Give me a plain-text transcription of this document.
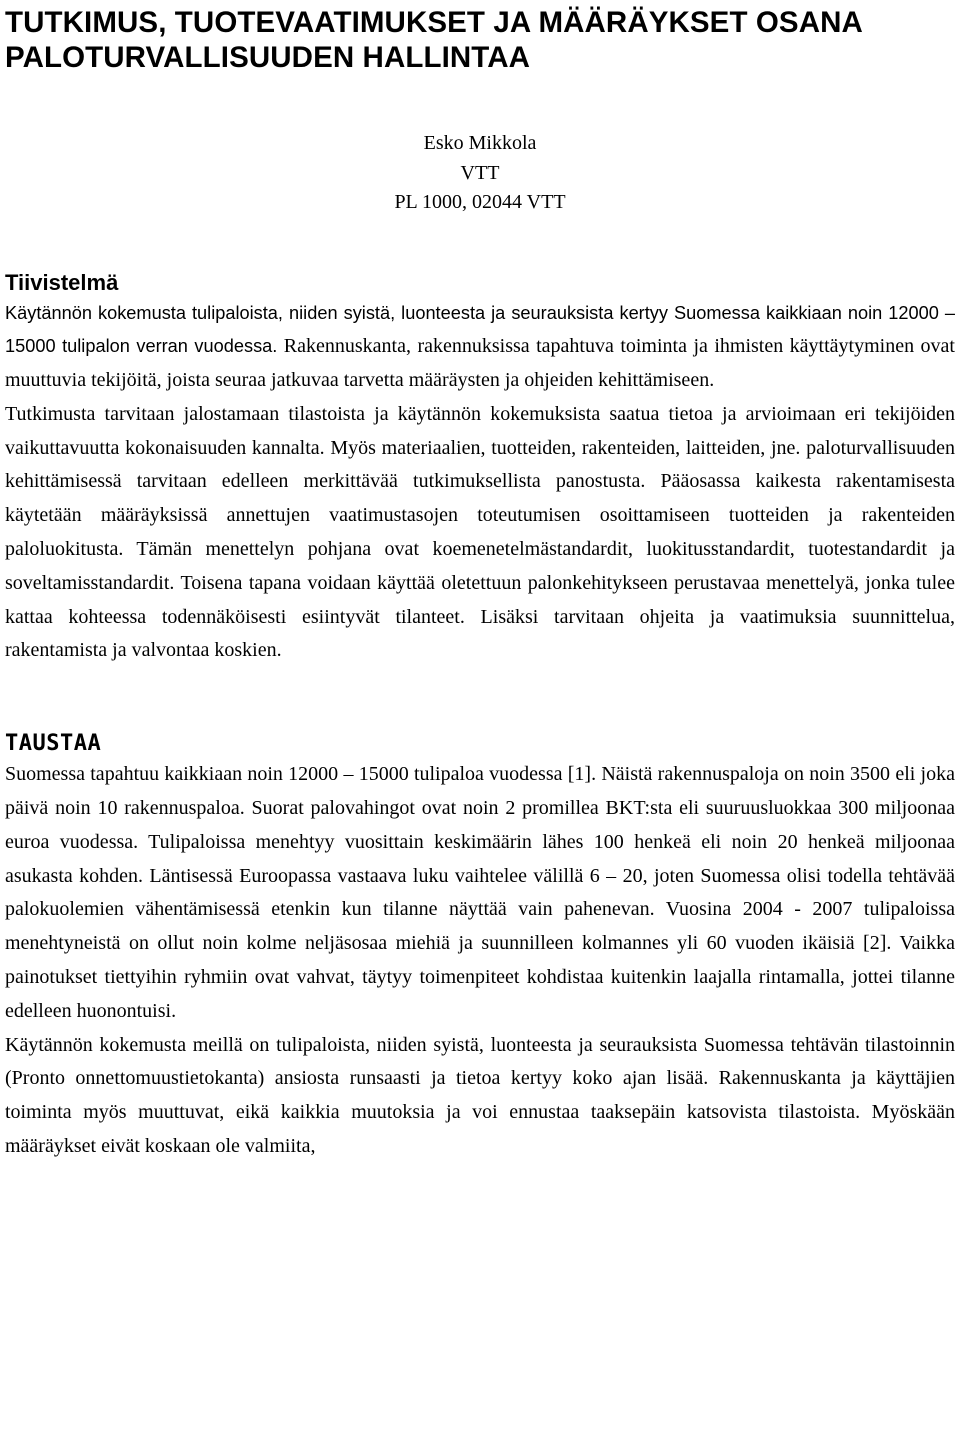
TUTKIMUS, TUOTEVAATIMUKSET JA MÄÄRÄYKSET OSANA PALOTURVALLISUUDEN HALLINTAA
Esko Mikkola
VTT
PL 1000, 02044 VTT
Tiivistelmä

Käytännön kokemusta tulipaloista, niiden syistä, luonteesta ja seurauksista kertyy Suomessa kaikkiaan noin 12000 – 15000 tulipalon verran vuodessa. Rakennuskanta, rakennuksissa tapahtuva toiminta ja ihmisten käyttäytyminen ovat muuttuvia tekijöitä, joista seuraa jatkuvaa tarvetta määräysten ja ohjeiden kehittämiseen.

Tutkimusta tarvitaan jalostamaan tilastoista ja käytännön kokemuksista saatua tietoa ja arvioimaan eri tekijöiden vaikuttavuutta kokonaisuuden kannalta. Myös materiaalien, tuotteiden, rakenteiden, laitteiden, jne. paloturvallisuuden kehittämisessä tarvitaan edelleen merkittävää tutkimuksellista panostusta. Pääosassa kaikesta rakentamisesta käytetään määräyksissä annettujen vaatimustasojen toteutumisen osoittamiseen tuotteiden ja rakenteiden paloluokitusta. Tämän menettelyn pohjana ovat koemenetelmästandardit, luokitusstandardit, tuotestandardit ja soveltamisstandardit. Toisena tapana voidaan käyttää oletettuun palonkehitykseen perustavaa menettelyä, jonka tulee kattaa kohteessa todennäköisesti esiintyvät tilanteet. Lisäksi tarvitaan ohjeita ja vaatimuksia suunnittelua, rakentamista ja valvontaa koskien.

TAUSTAA

Suomessa tapahtuu kaikkiaan noin 12000 – 15000 tulipaloa vuodessa [1]. Näistä rakennuspaloja on noin 3500 eli joka päivä noin 10 rakennuspaloa. Suorat palovahingot ovat noin 2 promillea BKT:sta eli suuruusluokkaa 300 miljoonaa euroa vuodessa. Tulipaloissa menehtyy vuosittain keskimäärin lähes 100 henkeä eli noin 20 henkeä miljoonaa asukasta kohden. Läntisessä Euroopassa vastaava luku vaihtelee välillä 6 – 20, joten Suomessa olisi todella tehtävää palokuolemien vähentämisessä etenkin kun tilanne näyttää vain pahenevan. Vuosina 2004 - 2007 tulipaloissa menehtyneistä on ollut noin kolme neljäsosaa miehiä ja suunnilleen kolmannes yli 60 vuoden ikäisiä [2]. Vaikka painotukset tiettyihin ryhmiin ovat vahvat, täytyy toimenpiteet kohdistaa kuitenkin laajalla rintamalla, jottei tilanne edelleen huonontuisi.

Käytännön kokemusta meillä on tulipaloista, niiden syistä, luonteesta ja seurauksista Suomessa tehtävän tilastoinnin (Pronto onnettomuustietokanta) ansiosta runsaasti ja tietoa kertyy koko ajan lisää. Rakennuskanta ja käyttäjien toiminta myös muuttuvat, eikä kaikkia muutoksia ja voi ennustaa taaksepäin katsovista tilastoista. Myöskään määräykset eivät koskaan ole valmiita,
